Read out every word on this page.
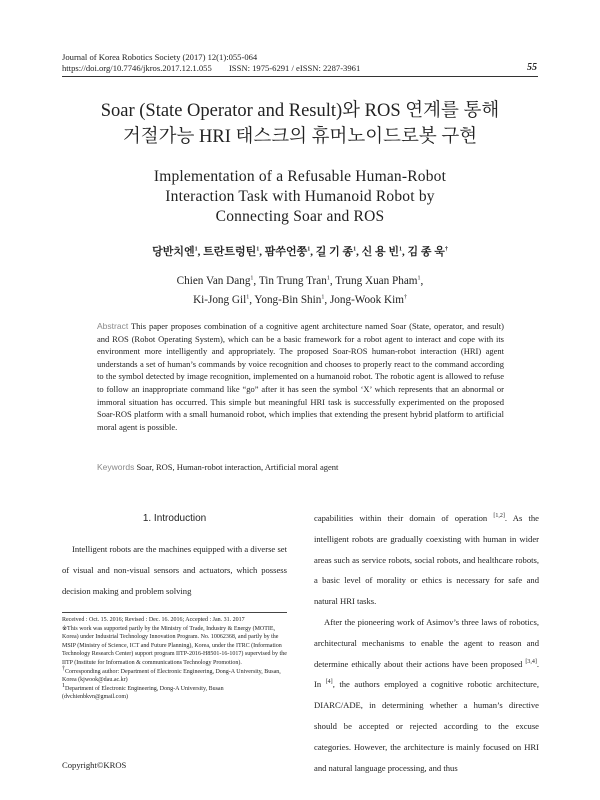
Journal of Korea Robotics Society (2017) 12(1):055-064
https://doi.org/10.7746/jkros.2017.12.1.055        ISSN: 1975-6291 / eISSN: 2287-3961	55
Soar (State Operator and Result)와 ROS 연계를 통해
거절가능 HRI 태스크의 휴머노이드로봇 구현
Implementation of a Refusable Human-Robot
Interaction Task with Humanoid Robot by
Connecting Soar and ROS
당반치엔$^1$, 트란트렁틴$^1$, 팜쑤언쭝$^1$, 길 기 종$^1$, 신 용 빈$^1$, 김 종 욱†
Chien Van Dang$^1$, Tin Trung Tran$^1$, Trung Xuan Pham$^1$,
Ki-Jong Gil$^1$, Yong-Bin Shin$^1$, Jong-Wook Kim†
Abstract This paper proposes combination of a cognitive agent architecture named Soar (State, operator, and result) and ROS (Robot Operating System), which can be a basic framework for a robot agent to interact and cope with its environment more intelligently and appropriately. The proposed Soar-ROS human-robot interaction (HRI) agent understands a set of human’s commands by voice recognition and chooses to properly react to the command according to the symbol detected by image recognition, implemented on a humanoid robot. The robotic agent is allowed to refuse to follow an inappropriate command like “go” after it has seen the symbol ‘X’ which represents that an abnormal or immoral situation has occurred. This simple but meaningful HRI task is successfully experimented on the proposed Soar-ROS platform with a small humanoid robot, which implies that extending the present hybrid platform to artificial moral agent is possible.
Keywords Soar, ROS, Human-robot interaction, Artificial moral agent
1. Introduction

Intelligent robots are the machines equipped with a diverse set of visual and non-visual sensors and actuators, which possess decision making and problem solving

Received : Oct. 15. 2016; Revised : Dec. 16. 2016; Accepted : Jan. 31. 2017

※This work was supported partly by the Ministry of Trade, Industry & Energy (MOTIE, Korea) under Industrial Technology Innovation Program. No. 10062368, and partly by the MSIP (Ministry of Science, ICT and Future Planning), Korea, under the ITRC (Information Technology Research Center) support program IITP-2016-H8501-16-1017) supervised by the IITP (Institute for Information & communications Technology Promotion).

†Corresponding author: Department of Electronic Engineering, Dong-A University, Busan, Korea (kjwook@dau.ac.kr)

$^1$Department of Electronic Engineering, Dong-A University, Busan (dvchienbkvn@gmail.com)

Copyright©KROS

capabilities within their domain of operation [1,2]. As the intelligent robots are gradually coexisting with human in wider areas such as service robots, social robots, and healthcare robots, a basic level of morality or ethics is necessary for safe and natural HRI tasks.

After the pioneering work of Asimov’s three laws of robotics, architectural mechanisms to enable the agent to reason and determine ethically about their actions have been proposed [3,4]. In [4], the authors employed a cognitive robotic architecture, DIARC/ADE, in determining whether a human’s directive should be accepted or rejected according to the excuse categories. However, the architecture is mainly focused on HRI and natural language processing, and thus
